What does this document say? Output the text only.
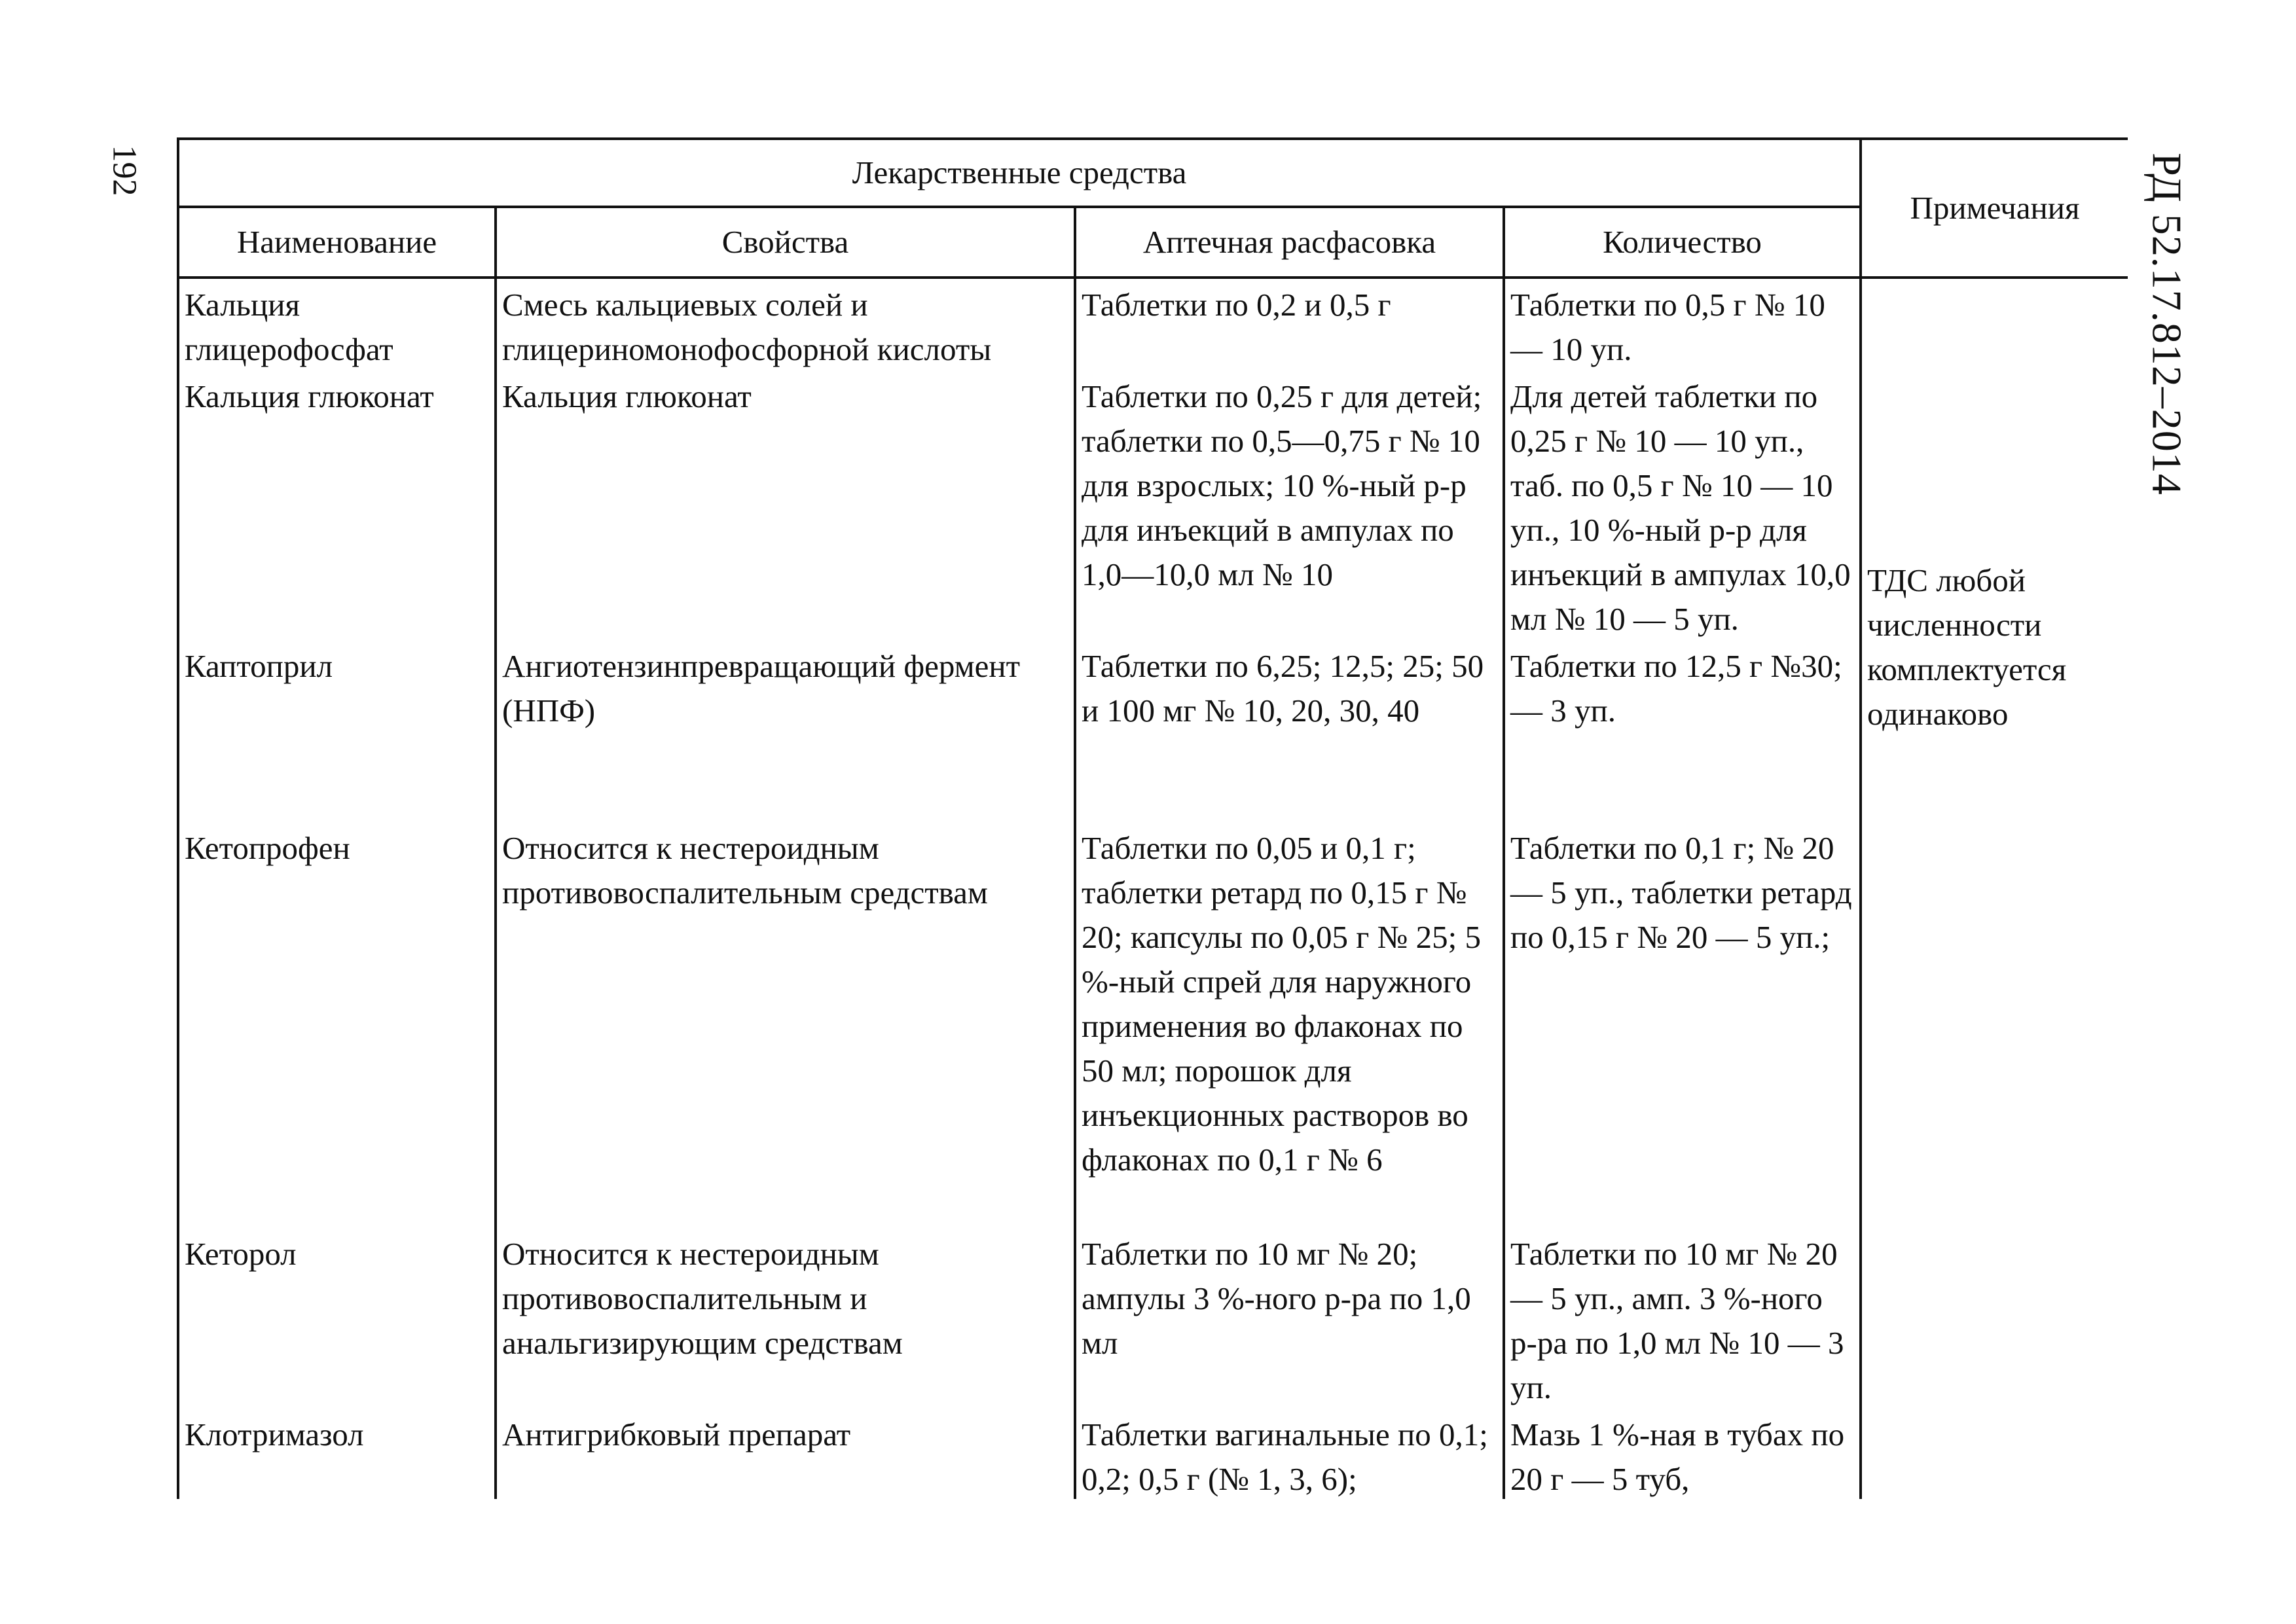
192	РД 52.17.812–2014
Лекарственные средства				Примечания
Наименование	Свойства	Аптечная расфасовка	Количество	
Кальция глицерофосфат	Смесь кальциевых солей и глицериномонофосфорной кислоты	Таблетки по 0,2 и 0,5 г	Таблетки по 0,5 г № 10 — 10 уп.	ТДС любой численности комплектуется одинаково

Кальция глюконат	Кальция глюконат	Таблетки по 0,25 г для детей; таблетки по 0,5—0,75 г № 10 для взрослых; 10 %-ный р-р для инъекций в ампулах по 1,0—10,0 мл № 10	Для детей таблетки по 0,25 г № 10 — 10 уп., таб. по 0,5 г № 10 — 10 уп., 10 %-ный р-р для инъекций в ампулах 10,0 мл № 10 — 5 уп.	
Каптоприл	Ангиотензинпревращающий фермент (НПФ)	Таблетки по 6,25; 12,5; 25; 50 и 100 мг № 10, 20, 30, 40	Таблетки по 12,5 г №30; — 3 уп.	
Кетопрофен	Относится к нестероидным противовоспалительным средствам	Таблетки по 0,05 и 0,1 г; таблетки ретард по 0,15 г № 20; капсулы по 0,05 г № 25; 5 %-ный спрей для наружного применения во флаконах по 50 мл; порошок для инъекционных растворов во флаконах по 0,1 г № 6	Таблетки по 0,1 г; № 20 — 5 уп., таблетки ретард по 0,15 г № 20 — 5 уп.;	
Кеторол	Относится к нестероидным противовоспалительным и анальгизирующим средствам	Таблетки по 10 мг № 20; ампулы 3 %-ного р-ра по 1,0 мл	Таблетки по 10 мг № 20 — 5 уп., амп. 3 %-ного р-ра по 1,0 мл № 10 — 3 уп.	
Клотримазол	Антигрибковый препарат	Таблетки вагинальные по 0,1; 0,2; 0,5 г (№ 1, 3, 6);	Мазь 1 %-ная в тубах по 20 г — 5 туб,	
